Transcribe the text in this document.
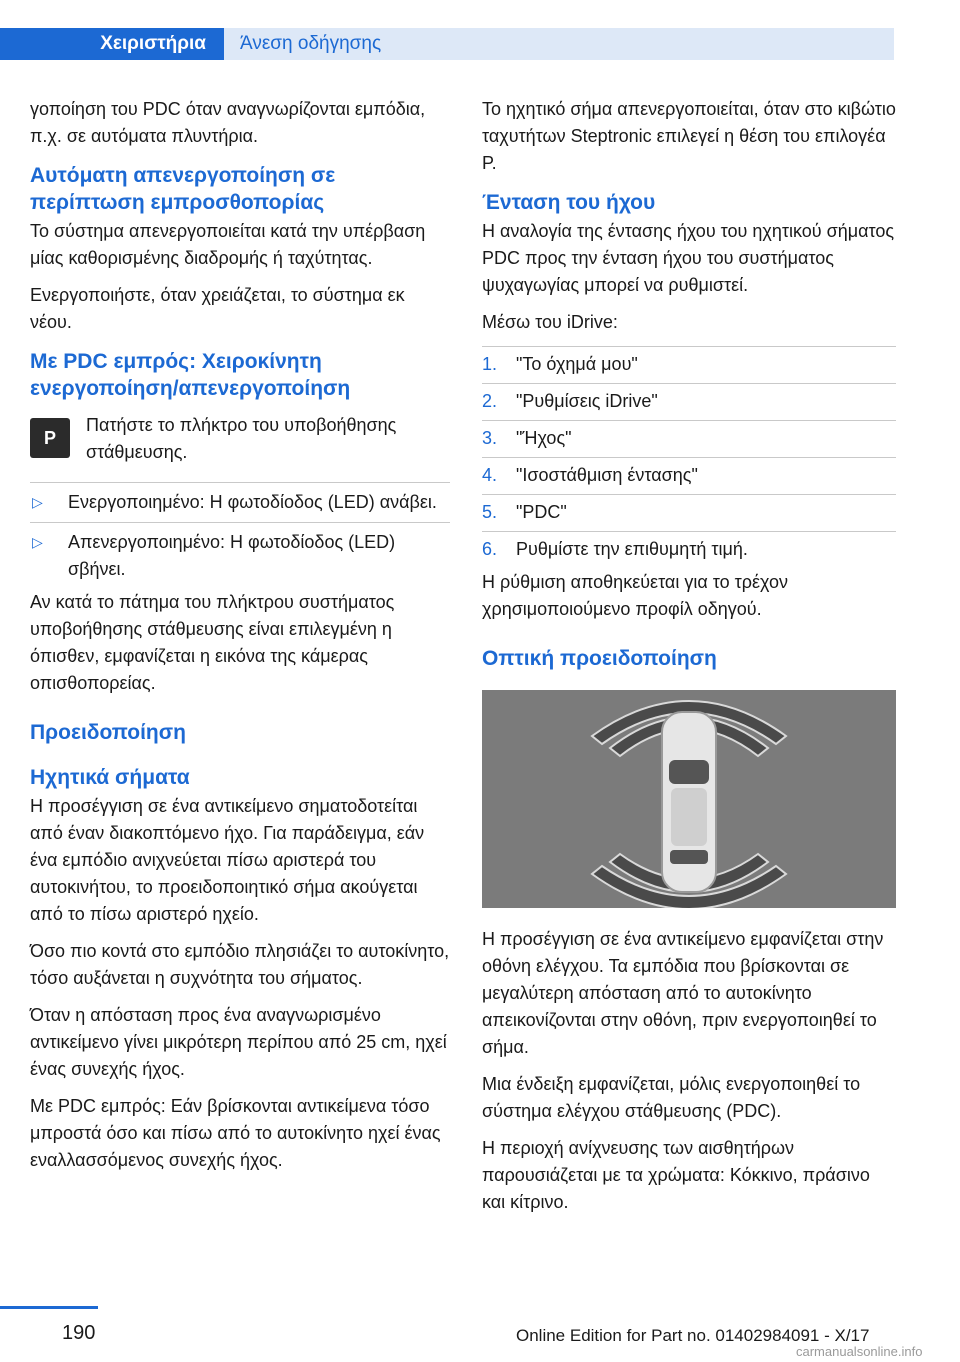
Χειριστήρια	Άνεση οδήγησης

γοποίηση του PDC όταν αναγνωρίζονται εμπόδια, π.χ. σε αυτόματα πλυντήρια.

Αυτόματη απενεργοποίηση σε περίπτωση εμπροσθοπορίας

Το σύστημα απενεργοποιείται κατά την υπέρβαση μίας καθορισμένης διαδρομής ή ταχύτητας.

Ενεργοποιήστε, όταν χρειάζεται, το σύστημα εκ νέου.

Με PDC εμπρός: Χειροκίνητη ενεργοποίηση/απενεργοποίηση
P

Πατήστε το πλήκτρο του υποβοήθησης στάθμευσης.

▷	Ενεργοποιημένο: Η φωτοδίοδος (LED) ανάβει.

▷	Απενεργοποιημένο: Η φωτοδίοδος (LED) σβήνει.

Αν κατά το πάτημα του πλήκτρου συστήματος υποβοήθησης στάθμευσης είναι επιλεγμένη η όπισθεν, εμφανίζεται η εικόνα της κάμερας οπισθοπορείας.

Προειδοποίηση
Ηχητικά σήματα

Η προσέγγιση σε ένα αντικείμενο σηματοδοτείται από έναν διακοπτόμενο ήχο. Για παράδειγμα, εάν ένα εμπόδιο ανιχνεύεται πίσω αριστερά του αυτοκινήτου, το προειδοποιητικό σήμα ακούγεται από το πίσω αριστερό ηχείο.

Όσο πιο κοντά στο εμπόδιο πλησιάζει το αυτοκίνητο, τόσο αυξάνεται η συχνότητα του σήματος.

Όταν η απόσταση προς ένα αναγνωρισμένο αντικείμενο γίνει μικρότερη περίπου από 25 cm, ηχεί ένας συνεχής ήχος.

Με PDC εμπρός: Εάν βρίσκονται αντικείμενα τόσο μπροστά όσο και πίσω από το αυτοκίνητο ηχεί ένας εναλλασσόμενος συνεχής ήχος.

Το ηχητικό σήμα απενεργοποιείται, όταν στο κιβώτιο ταχυτήτων Steptronic επιλεγεί η θέση του επιλογέα P.

Ένταση του ήχου

Η αναλογία της έντασης ήχου του ηχητικού σήματος PDC προς την ένταση ήχου του συστήματος ψυχαγωγίας μπορεί να ρυθμιστεί.

Μέσω του iDrive:

1.	"Το όχημά μου"
2.	"Ρυθμίσεις iDrive"
3.	"Ήχος"
4.	"Ισοστάθμιση έντασης"
5.	"PDC"
6.	Ρυθμίστε την επιθυμητή τιμή.

Η ρύθμιση αποθηκεύεται για το τρέχον χρησιμοποιούμενο προφίλ οδηγού.

Οπτική προειδοποίηση

Η προσέγγιση σε ένα αντικείμενο εμφανίζεται στην οθόνη ελέγχου. Τα εμπόδια που βρίσκονται σε μεγαλύτερη απόσταση από το αυτοκίνητο απεικονίζονται στην οθόνη, πριν ενεργοποιηθεί το σήμα.

Μια ένδειξη εμφανίζεται, μόλις ενεργοποιηθεί το σύστημα ελέγχου στάθμευσης (PDC).

Η περιοχή ανίχνευσης των αισθητήρων παρουσιάζεται με τα χρώματα: Κόκκινο, πράσινο και κίτρινο.

190	Online Edition for Part no. 01402984091 - X/17
carmanualsonline.info
